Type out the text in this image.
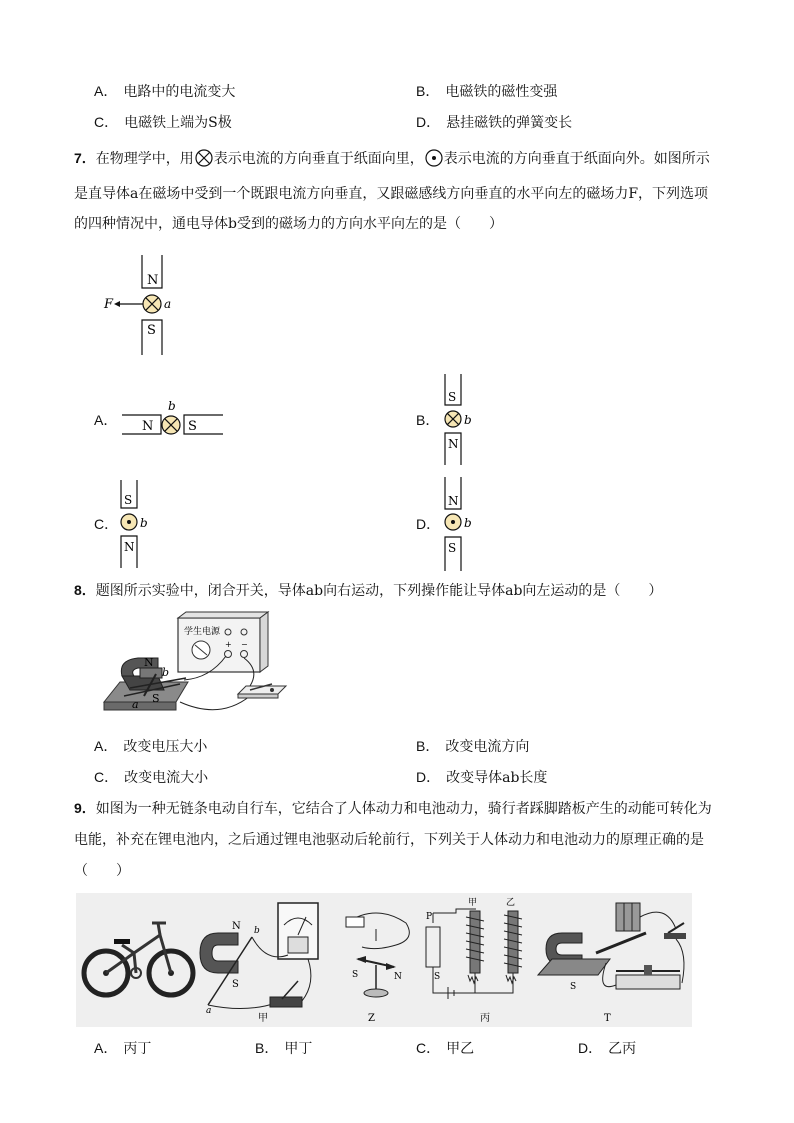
A． 电路中的电流变大	B． 电磁铁的磁性变强
C． 电磁铁上端为S极	D． 悬挂磁铁的弹簧变长
7．在物理学中，用 表示电流的方向垂直于纸面向里， 表示电流的方向垂直于纸面向外。如图所示
是直导体a在磁场中受到一个既跟电流方向垂直，又跟磁感线方向垂直的水平向左的磁场力F，下列选项
的四种情况中，通电导体b受到的磁场力的方向水平向左的是（　　）
N
F	a
S
A．	N
b
S	B．
S
b
N
C．
S
b
N
D．
N
b
S
8．题图所示实验中，闭合开关，导体ab向右运动，下列操作能让导体ab向左运动的是（　　）
学生电源
+ −
N
S
a
b
A． 改变电压大小	B． 改变电流方向
C． 改变电流大小	D． 改变导体ab长度
9．如图为一种无链条电动自行车，它结合了人体动力和电池动力，骑行者踩脚踏板产生的动能可转化为
电能，补充在锂电池内，之后通过锂电池驱动后轮前行，下列关于人体动力和电池动力的原理正确的是
（　　）
N
S
a
b
S	N
P
甲	乙
S
S
甲	Z	丙	T
A． 丙丁	B． 甲丁	C． 甲乙	D． 乙丙
